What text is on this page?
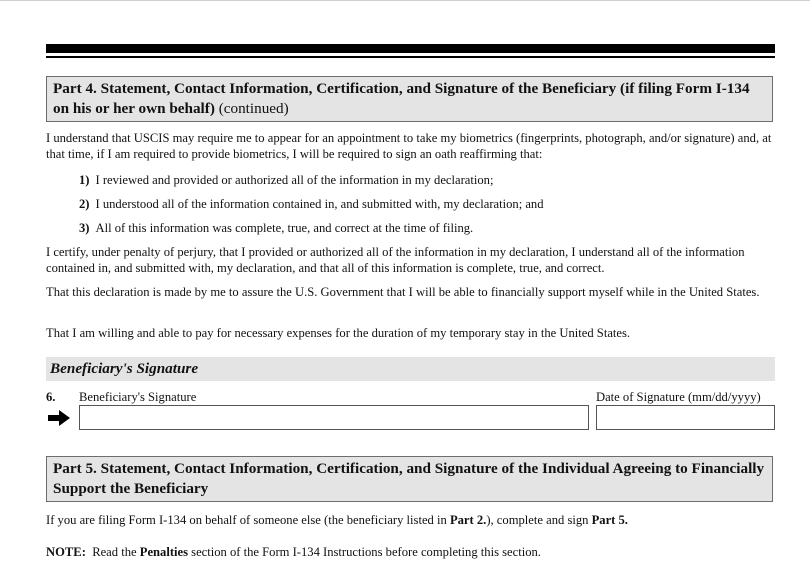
Part 4. Statement, Contact Information, Certification, and Signature of the Beneficiary (if filing Form I-134 on his or her own behalf) (continued)

I understand that USCIS may require me to appear for an appointment to take my biometrics (fingerprints, photograph, and/or signature) and, at that time, if I am required to provide biometrics, I will be required to sign an oath reaffirming that:

1) I reviewed and provided or authorized all of the information in my declaration;
2) I understood all of the information contained in, and submitted with, my declaration; and
3) All of this information was complete, true, and correct at the time of filing.

I certify, under penalty of perjury, that I provided or authorized all of the information in my declaration, I understand all of the information contained in, and submitted with, my declaration, and that all of this information is complete, true, and correct.

That this declaration is made by me to assure the U.S. Government that I will be able to financially support myself while in the United States.

That I am willing and able to pay for necessary expenses for the duration of my temporary stay in the United States.

Beneficiary's Signature
6. Beneficiary's Signature	Date of Signature (mm/dd/yyyy)
Part 5. Statement, Contact Information, Certification, and Signature of the Individual Agreeing to Financially Support the Beneficiary

If you are filing Form I-134 on behalf of someone else (the beneficiary listed in Part 2.), complete and sign Part 5.

NOTE:  Read the Penalties section of the Form I-134 Instructions before completing this section.
